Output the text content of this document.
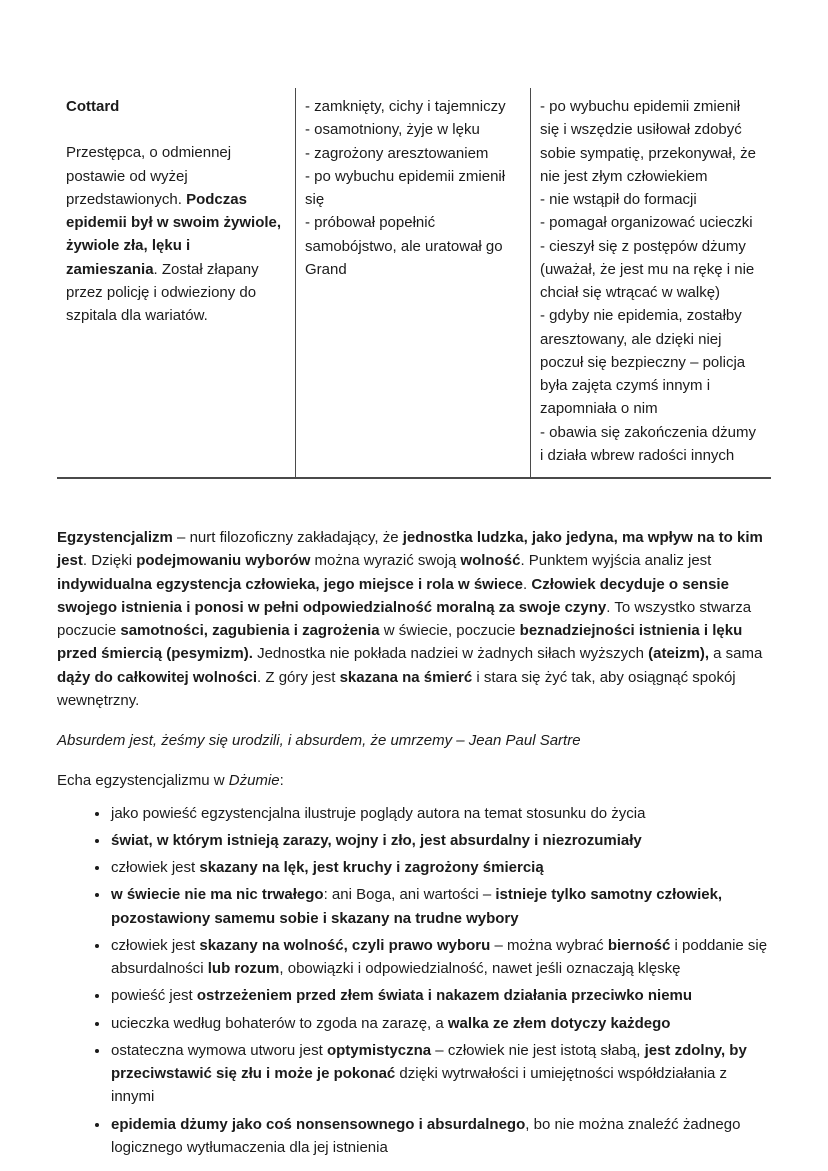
Cottard
Przestępca, o odmiennej postawie od wyżej przedstawionych. Podczas epidemii był w swoim żywiole, żywiole zła, lęku i zamieszania. Został złapany przez policję i odwieziony do szpitala dla wariatów.
- zamknięty, cichy i tajemniczy
- osamotniony, żyje w lęku
- zagrożony aresztowaniem
- po wybuchu epidemii zmienił się
- próbował popełnić samobójstwo, ale uratował go Grand
- po wybuchu epidemii zmienił się i wszędzie usiłował zdobyć sobie sympatię, przekonywał, że nie jest złym człowiekiem
- nie wstąpił do formacji
- pomagał organizować ucieczki
- cieszył się z postępów dżumy (uważał, że jest mu na rękę i nie chciał się wtrącać w walkę)
- gdyby nie epidemia, zostałby aresztowany, ale dzięki niej poczuł się bezpieczny – policja była zajęta czymś innym i zapomniała o nim
- obawia się zakończenia dżumy i działa wbrew radości innych

Egzystencjalizm – nurt filozoficzny zakładający, że jednostka ludzka, jako jedyna, ma wpływ na to kim jest. Dzięki podejmowaniu wyborów można wyrazić swoją wolność. Punktem wyjścia analiz jest indywidualna egzystencja człowieka, jego miejsce i rola w świece. Człowiek decyduje o sensie swojego istnienia i ponosi w pełni odpowiedzialność moralną za swoje czyny. To wszystko stwarza poczucie samotności, zagubienia i zagrożenia w świecie, poczucie beznadziejności istnienia i lęku przed śmiercią (pesymizm). Jednostka nie pokłada nadziei w żadnych siłach wyższych (ateizm), a sama dąży do całkowitej wolności. Z góry jest skazana na śmierć i stara się żyć tak, aby osiągnąć spokój wewnętrzny.

Absurdem jest, żeśmy się urodzili, i absurdem, że umrzemy – Jean Paul Sartre

Echa egzystencjalizmu w Dżumie:

• jako powieść egzystencjalna ilustruje poglądy autora na temat stosunku do życia
• świat, w którym istnieją zarazy, wojny i zło, jest absurdalny i niezrozumiały
• człowiek jest skazany na lęk, jest kruchy i zagrożony śmiercią
• w świecie nie ma nic trwałego: ani Boga, ani wartości – istnieje tylko samotny człowiek, pozostawiony samemu sobie i skazany na trudne wybory
• człowiek jest skazany na wolność, czyli prawo wyboru – można wybrać bierność i poddanie się absurdalności lub rozum, obowiązki i odpowiedzialność, nawet jeśli oznaczają klęskę
• powieść jest ostrzeżeniem przed złem świata i nakazem działania przeciwko niemu
• ucieczka według bohaterów to zgoda na zarazę, a walka ze złem dotyczy każdego
• ostateczna wymowa utworu jest optymistyczna – człowiek nie jest istotą słabą, jest zdolny, by przeciwstawić się złu i może je pokonać dzięki wytrwałości i umiejętności współdziałania z innymi
• epidemia dżumy jako coś nonsensownego i absurdalnego, bo nie można znaleźć żadnego logicznego wytłumaczenia dla jej istnienia
